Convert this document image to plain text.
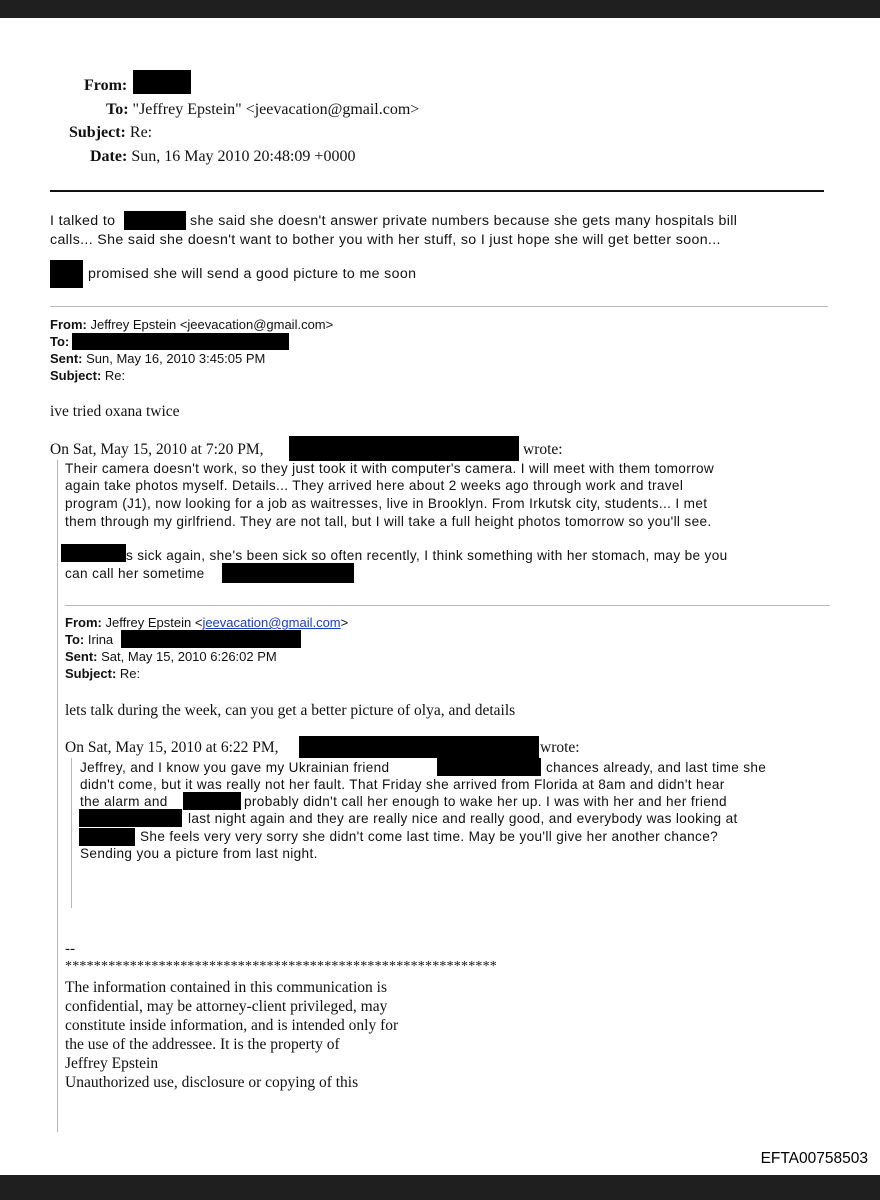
From:
To: "Jeffrey Epstein" <jeevacation@gmail.com>
Subject: Re:
Date: Sun, 16 May 2010 20:48:09 +0000
I talked to	she said she doesn't answer private numbers because she gets many hospitals bill
calls... She said she doesn't want to bother you with her stuff, so I just hope she will get better soon...
promised she will send a good picture to me soon
From: Jeffrey Epstein <jeevacation@gmail.com>
To:
Sent: Sun, May 16, 2010 3:45:05 PM
Subject: Re:
ive tried oxana twice
On Sat, May 15, 2010 at 7:20 PM,	wrote:
Their camera doesn't work, so they just took it with computer's camera. I will meet with them tomorrow
again take photos myself. Details... They arrived here about 2 weeks ago through work and travel
program (J1), now looking for a job as waitresses, live in Brooklyn. From Irkutsk city, students... I met
them through my girlfriend. They are not tall, but I will take a full height photos tomorrow so you'll see.
s sick again, she's been sick so often recently, I think something with her stomach, may be you
can call her sometime
From: Jeffrey Epstein <jeevacation@gmail.com>
To: Irina
Sent: Sat, May 15, 2010 6:26:02 PM
Subject: Re:
lets talk during the week, can you get a better picture of olya, and details
On Sat, May 15, 2010 at 6:22 PM,	wrote:
Jeffrey, and I know you gave my Ukrainian friend	chances already, and last time she
didn't come, but it was really not her fault. That Friday she arrived from Florida at 8am and didn't hear
the alarm and	probably didn't call her enough to wake her up. I was with her and her friend
last night again and they are really nice and really good, and everybody was looking at
She feels very very sorry she didn't come last time. May be you'll give her another chance?
Sending you a picture from last night.
--
************************************************************
The information contained in this communication is
confidential, may be attorney-client privileged, may
constitute inside information, and is intended only for
the use of the addressee. It is the property of
Jeffrey Epstein
Unauthorized use, disclosure or copying of this
EFTA00758503
